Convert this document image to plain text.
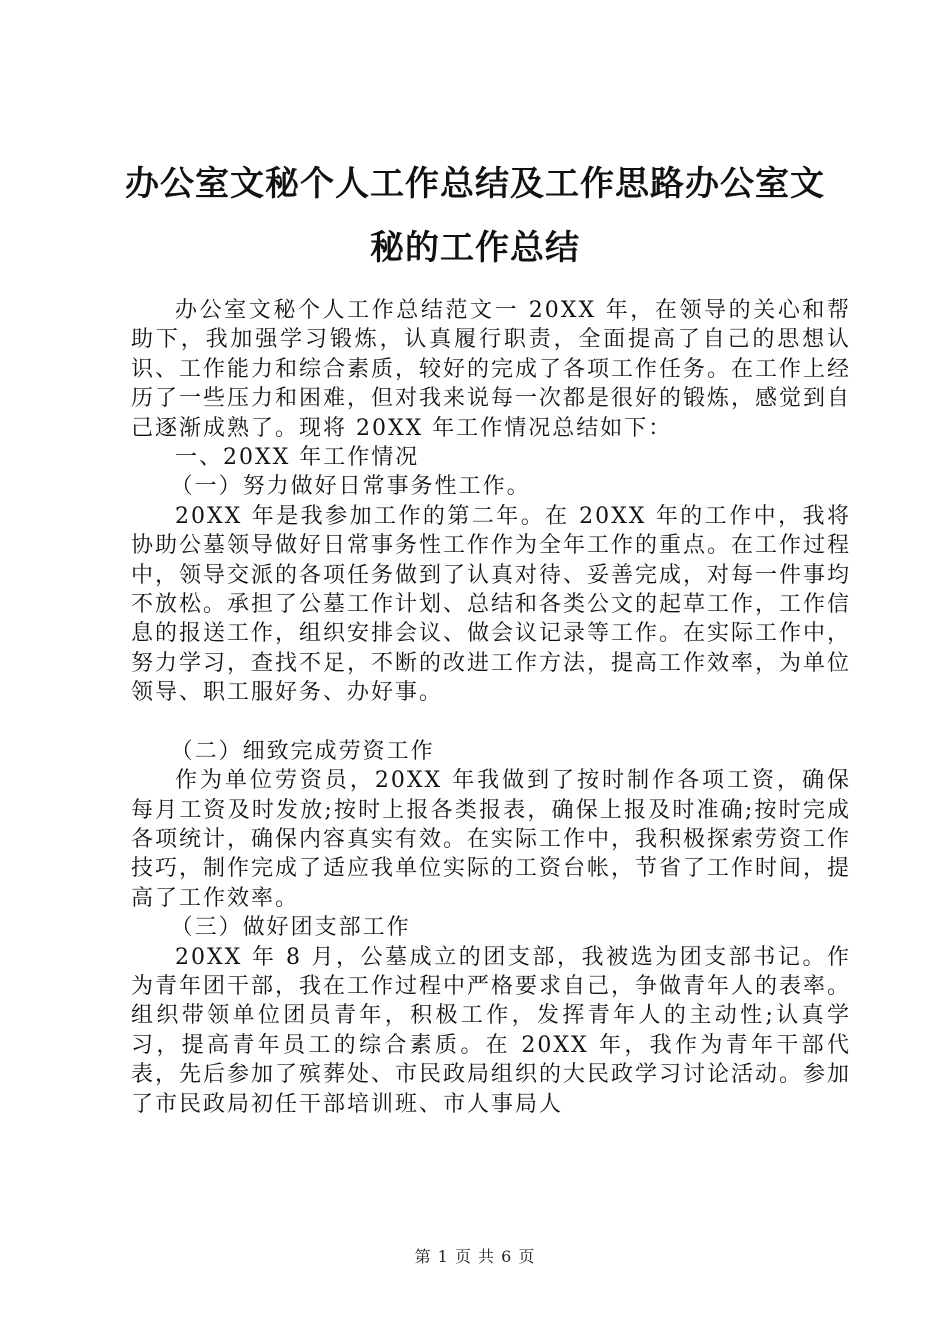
办公室文秘个人工作总结及工作思路办公室文
秘的工作总结

办公室文秘个人工作总结范文一 20XX 年，在领导的关心和帮助下，我加强学习锻炼，认真履行职责，全面提高了自己的思想认识、工作能力和综合素质，较好的完成了各项工作任务。在工作上经历了一些压力和困难，但对我来说每一次都是很好的锻炼，感觉到自己逐渐成熟了。现将 20XX 年工作情况总结如下：

一、20XX 年工作情况

（一）努力做好日常事务性工作。

20XX 年是我参加工作的第二年。在 20XX 年的工作中，我将协助公墓领导做好日常事务性工作作为全年工作的重点。在工作过程中，领导交派的各项任务做到了认真对待、妥善完成，对每一件事均不放松。承担了公墓工作计划、总结和各类公文的起草工作，工作信息的报送工作，组织安排会议、做会议记录等工作。在实际工作中，努力学习，查找不足，不断的改进工作方法，提高工作效率，为单位领导、职工服好务、办好事。

（二）细致完成劳资工作

作为单位劳资员，20XX 年我做到了按时制作各项工资，确保每月工资及时发放;按时上报各类报表，确保上报及时准确;按时完成各项统计，确保内容真实有效。在实际工作中，我积极探索劳资工作技巧，制作完成了适应我单位实际的工资台帐，节省了工作时间，提高了工作效率。

（三）做好团支部工作

20XX 年 8 月，公墓成立的团支部，我被选为团支部书记。作为青年团干部，我在工作过程中严格要求自己，争做青年人的表率。组织带领单位团员青年，积极工作，发挥青年人的主动性;认真学习，提高青年员工的综合素质。在 20XX 年，我作为青年干部代表，先后参加了殡葬处、市民政局组织的大民政学习讨论活动。参加了市民政局初任干部培训班、市人事局人

第 1 页 共 6 页
